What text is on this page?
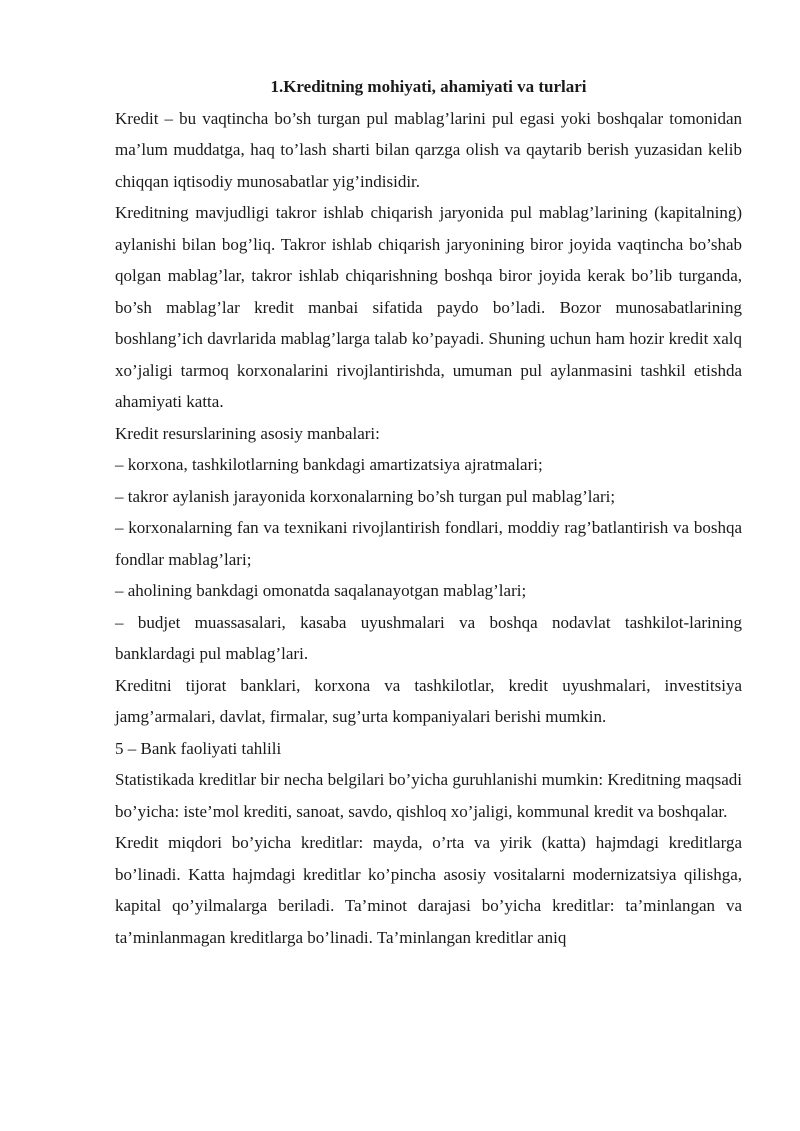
1.Kreditning mohiyati, ahamiyati va turlari

Kredit – bu vaqtincha bo’sh turgan pul mablag’larini pul egasi yoki boshqalar tomonidan ma’lum muddatga, haq to’lash sharti bilan qarzga olish va qaytarib berish yuzasidan kelib chiqqan iqtisodiy munosabatlar yig’indisidir.

Kreditning mavjudligi takror ishlab chiqarish jaryonida pul mablag’larining (kapitalning) aylanishi bilan bog’liq. Takror ishlab chiqarish jaryonining biror joyida vaqtincha bo’shab qolgan mablag’lar, takror ishlab chiqarishning boshqa biror joyida kerak bo’lib turganda, bo’sh mablag’lar kredit manbai sifatida paydo bo’ladi. Bozor munosabatlarining boshlang’ich davrlarida mablag’larga talab ko’payadi. Shuning uchun ham hozir kredit xalq xo’jaligi tarmoq korxonalarini rivojlantirishda, umuman pul aylanmasini tashkil etishda ahamiyati katta.

Kredit resurslarining asosiy manbalari:

– korxona, tashkilotlarning bankdagi amartizatsiya ajratmalari;

– takror aylanish jarayonida korxonalarning bo’sh turgan pul mablag’lari;

– korxonalarning fan va texnikani rivojlantirish fondlari, moddiy rag’batlantirish va boshqa fondlar mablag’lari;

– aholining bankdagi omonatda saqalanayotgan mablag’lari;

– budjet muassasalari, kasaba uyushmalari va boshqa nodavlat tashkilot-larining banklardagi pul mablag’lari.

Kreditni tijorat banklari, korxona va tashkilotlar, kredit uyushmalari, investitsiya jamg’armalari, davlat, firmalar, sug’urta kompaniyalari berishi mumkin.

5 – Bank faoliyati tahlili

Statistikada kreditlar bir necha belgilari bo’yicha guruhlanishi mumkin: Kreditning maqsadi bo’yicha: iste’mol krediti, sanoat, savdo, qishloq xo’jaligi, kommunal kredit va boshqalar.

Kredit miqdori bo’yicha kreditlar: mayda, o’rta va yirik (katta) hajmdagi kreditlarga bo’linadi. Katta hajmdagi kreditlar ko’pincha asosiy vositalarni modernizatsiya qilishga, kapital qo’yilmalarga beriladi. Ta’minot darajasi bo’yicha kreditlar: ta’minlangan va ta’minlanmagan kreditlarga bo’linadi. Ta’minlangan kreditlar aniq
